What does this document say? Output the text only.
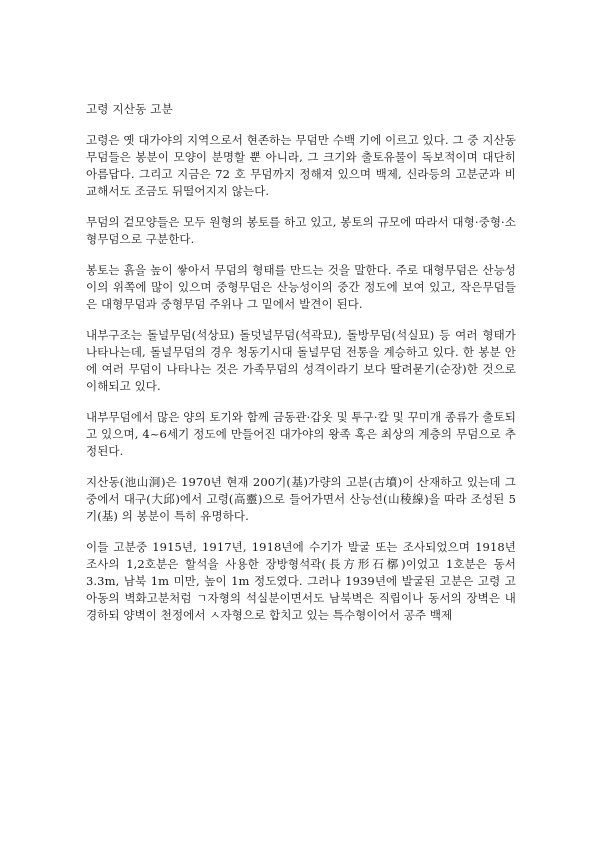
고령 지산동 고분

고령은 옛 대가야의 지역으로서 현존하는 무덤만 수백 기에 이르고 있다. 그 중 지산동 무덤들은 봉분이 모양이 분명할 뿐 아니라, 그 크기와 출토유물이 독보적이며 대단히 아름답다. 그리고 지금은 72 호 무덤까지 정해져 있으며 백제, 신라등의 고분군과 비교해서도 조금도 뒤떨어지지 않는다.

무덤의 겉모양들은 모두 원형의 봉토를 하고 있고, 봉토의 규모에 따라서 대형·중형·소형무덤으로 구분한다.

봉토는 흙을 높이 쌓아서 무덤의 형태를 만드는 것을 말한다. 주로 대형무덤은 산능성이의 위쪽에 많이 있으며 중형무덤은 산능성이의 중간 정도에 보여 있고, 작은무덤들은 대형무덤과 중형무덤 주위나 그 밑에서 발견이 된다.

내부구조는 돌널무덤(석상묘) 돌덧널무덤(석곽묘), 돌방무덤(석실묘) 등 여러 형태가 나타나는데, 돌널무덤의 경우 청동기시대 돌널무덤 전통을 계승하고 있다. 한 봉분 안에 여러 무덤이 나타나는 것은 가족무덤의 성격이라기 보다 딸려묻기(순장)한 것으로 이해되고 있다.

내부무덤에서 많은 양의 토기와 함께 금동관·갑옷 및 투구·칼 및 꾸미개 종류가 출토되고 있으며, 4~6세기 정도에 만들어진 대가야의 왕족 혹은 최상의 계층의 무덤으로 추정된다.

지산동(池山洞)은 1970년 현재 200기(基)가량의 고분(古墳)이 산재하고 있는데 그 중에서 대구(大邱)에서 고령(高靈)으로 들어가면서 산능선(山稜線)을 따라 조성된 5기(基) 의 봉분이 특히 유명하다.

이들 고분중 1915년, 1917년, 1918년에 수기가 발굴 또는 조사되었으며 1918년 조사의 1,2호분은 할석을 사용한 장방형석곽(長方形石槨)이었고 1호분은 동서 3.3m, 남북 1m 미만, 높이 1m 정도였다. 그러나 1939년에 발굴된 고분은 고령 고아동의 벽화고분처럼 ㄱ자형의 석실분이면서도 남북벽은 직립이나 동서의 장벽은 내경하되 양벽이 천정에서 ㅅ자형으로 합치고 있는 특수형이어서 공주 백제
